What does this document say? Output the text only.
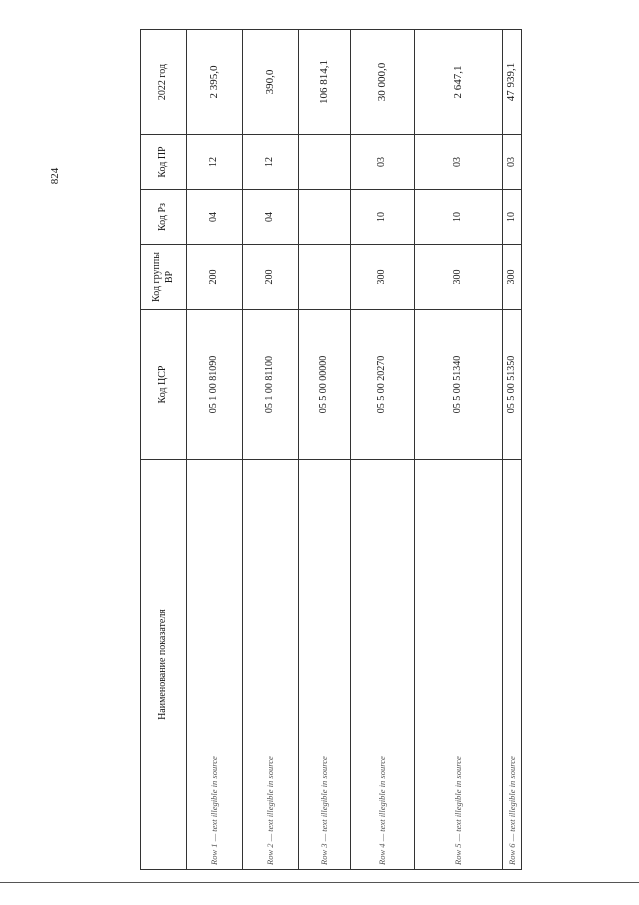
824
Наименование показателя	Код ЦСР	Код группы ВР	Код Рз	Код ПР	2022 год
Row 1 — text illegible in source	05 1 00 81090	200	04	12	2 395,0
Row 2 — text illegible in source	05 1 00 81100	200	04	12	390,0
Row 3 — text illegible in source	05 5 00 00000				106 814,1
Row 4 — text illegible in source	05 5 00 20270	300	10	03	30 000,0
Row 5 — text illegible in source	05 5 00 51340	300	10	03	2 647,1
Row 6 — text illegible in source	05 5 00 51350	300	10	03	47 939,1
